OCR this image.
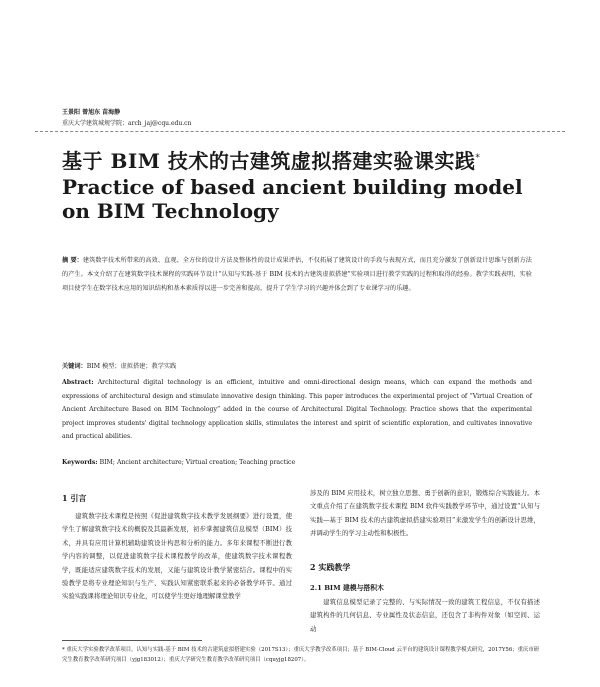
王景阳 曾旭东 苗海静
重庆大学建筑城规学院；arch_jaj@cqu.edu.cn
基于 BIM 技术的古建筑虚拟搭建实验课实践*
Practice of based ancient building model
on BIM Technology
摘 要：建筑数字技术所带来的高效、直观、全方位的设计方法及整体性的设计成果评估，不仅拓展了建筑设计的手段与表现方式，而且充分激发了创新设计思维与创新方法的产生。本文介绍了在建筑数字技术课程的实践环节设计“认知与实践-基于 BIM 技术的古建筑虚拟搭建”实验项目进行教学实践的过程和取得的经验。教学实践表明，实验项目使学生在数字技术应用的知识结构和基本素质得以进一步完善和提高，提升了学生学习的兴趣并体会到了专业课学习的乐趣。
关键词：BIM 模型；虚拟搭建；教学实践
Abstract: Architectural digital technology is an efficient, intuitive and omni-directional design means, which can expand the methods and expressions of architectural design and stimulate innovative design thinking. This paper introduces the experimental project of “Virtual Creation of Ancient Architecture Based on BIM Technology” added in the course of Architectural Digital Technology. Practice shows that the experimental project improves students' digital technology application skills, stimulates the interest and spirit of scientific exploration, and cultivates innovative and practical abilities.
Keywords: BIM; Ancient architecture; Virtual creation; Teaching practice
1 引言
建筑数字技术课程是按照《促进建筑数字技术教学发展纲要》进行设置，使学生了解建筑数字技术的概貌及其最新发展，初步掌握建筑信息模型（BIM）技术，并具有应用计算机辅助建筑设计构思和分析的能力。多年来课程不断进行教学内容的调整，以促进建筑数字技术课程教学的改革，使建筑数字技术课程教学，既能适应建筑数字技术的发展，又能与建筑设计教学紧密结合。课程中的实验教学是将专业理论知识与生产、实践认知紧密联系起来的必备教学环节。通过实验实践课将理论知识专业化，可以使学生更好地理解课堂教学
涉及的 BIM 应用技术，树立独立思想、勇于创新的意识，锻炼综合实践能力。本文重点介绍了在建筑数字技术课程 BIM 软件实践教学环节中，通过设置“认知与实践—基于 BIM 技术的古建筑虚拟搭建实验项目”来激发学生的创新设计思维，并调动学生的学习主动性和积极性。
2 实践教学
2.1 BIM 建模与搭积木
建筑信息模型记录了完整的、与实际情况一致的建筑工程信息，不仅有描述建筑构件的几何信息、专业属性及状态信息，还包含了非构件对象（如空间、运动
* 重庆大学实验教学改革项目，认知与实践-基于 BIM 技术的古建筑虚拟搭建实验（2017S13）；重庆大学教学改革项目；基于 BIM-Cloud 云平台的建筑设计课程教学模式研究，2017Y56；重庆市研究生教育教学改革研究项目（yjg183012）；重庆大学研究生教育教学改革研究项目（cquyjg18207）。
